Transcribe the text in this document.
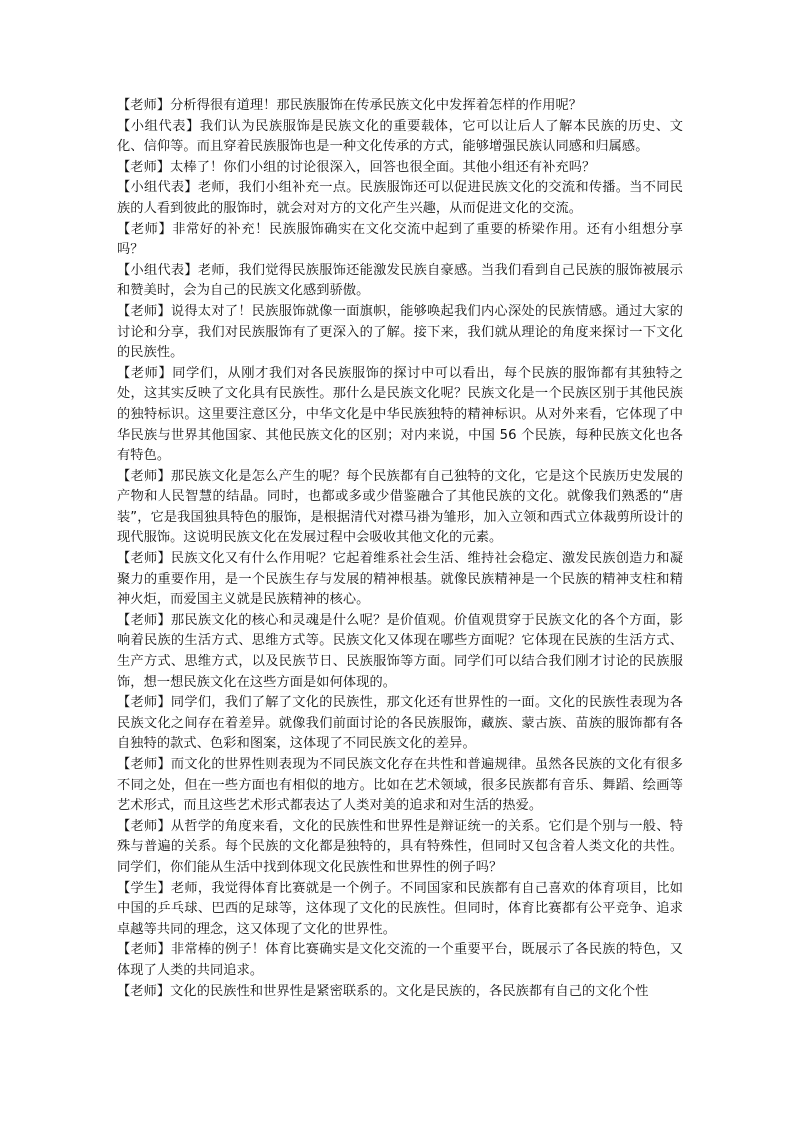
【老师】分析得很有道理！那民族服饰在传承民族文化中发挥着怎样的作用呢？

【小组代表】我们认为民族服饰是民族文化的重要载体，它可以让后人了解本民族的历史、文化、信仰等。而且穿着民族服饰也是一种文化传承的方式，能够增强民族认同感和归属感。

【老师】太棒了！你们小组的讨论很深入，回答也很全面。其他小组还有补充吗？

【小组代表】老师，我们小组补充一点。民族服饰还可以促进民族文化的交流和传播。当不同民族的人看到彼此的服饰时，就会对对方的文化产生兴趣，从而促进文化的交流。

【老师】非常好的补充！民族服饰确实在文化交流中起到了重要的桥梁作用。还有小组想分享吗？

【小组代表】老师，我们觉得民族服饰还能激发民族自豪感。当我们看到自己民族的服饰被展示和赞美时，会为自己的民族文化感到骄傲。

【老师】说得太对了！民族服饰就像一面旗帜，能够唤起我们内心深处的民族情感。通过大家的讨论和分享，我们对民族服饰有了更深入的了解。接下来，我们就从理论的角度来探讨一下文化的民族性。

【老师】同学们，从刚才我们对各民族服饰的探讨中可以看出，每个民族的服饰都有其独特之处，这其实反映了文化具有民族性。那什么是民族文化呢？民族文化是一个民族区别于其他民族的独特标识。这里要注意区分，中华文化是中华民族独特的精神标识。从对外来看，它体现了中华民族与世界其他国家、其他民族文化的区别；对内来说，中国 56 个民族，每种民族文化也各有特色。

【老师】那民族文化是怎么产生的呢？每个民族都有自己独特的文化，它是这个民族历史发展的产物和人民智慧的结晶。同时，也都或多或少借鉴融合了其他民族的文化。就像我们熟悉的“唐装”，它是我国独具特色的服饰，是根据清代对襟马褂为雏形，加入立领和西式立体裁剪所设计的现代服饰。这说明民族文化在发展过程中会吸收其他文化的元素。

【老师】民族文化又有什么作用呢？它起着维系社会生活、维持社会稳定、激发民族创造力和凝聚力的重要作用，是一个民族生存与发展的精神根基。就像民族精神是一个民族的精神支柱和精神火炬，而爱国主义就是民族精神的核心。

【老师】那民族文化的核心和灵魂是什么呢？是价值观。价值观贯穿于民族文化的各个方面，影响着民族的生活方式、思维方式等。民族文化又体现在哪些方面呢？它体现在民族的生活方式、生产方式、思维方式，以及民族节日、民族服饰等方面。同学们可以结合我们刚才讨论的民族服饰，想一想民族文化在这些方面是如何体现的。

【老师】同学们，我们了解了文化的民族性，那文化还有世界性的一面。文化的民族性表现为各民族文化之间存在着差异。就像我们前面讨论的各民族服饰，藏族、蒙古族、苗族的服饰都有各自独特的款式、色彩和图案，这体现了不同民族文化的差异。

【老师】而文化的世界性则表现为不同民族文化存在共性和普遍规律。虽然各民族的文化有很多不同之处，但在一些方面也有相似的地方。比如在艺术领域，很多民族都有音乐、舞蹈、绘画等艺术形式，而且这些艺术形式都表达了人类对美的追求和对生活的热爱。

【老师】从哲学的角度来看，文化的民族性和世界性是辩证统一的关系。它们是个别与一般、特殊与普遍的关系。每个民族的文化都是独特的，具有特殊性，但同时又包含着人类文化的共性。同学们，你们能从生活中找到体现文化民族性和世界性的例子吗？

【学生】老师，我觉得体育比赛就是一个例子。不同国家和民族都有自己喜欢的体育项目，比如中国的乒乓球、巴西的足球等，这体现了文化的民族性。但同时，体育比赛都有公平竞争、追求卓越等共同的理念，这又体现了文化的世界性。

【老师】非常棒的例子！体育比赛确实是文化交流的一个重要平台，既展示了各民族的特色，又体现了人类的共同追求。

【老师】文化的民族性和世界性是紧密联系的。文化是民族的，各民族都有自己的文化个性
